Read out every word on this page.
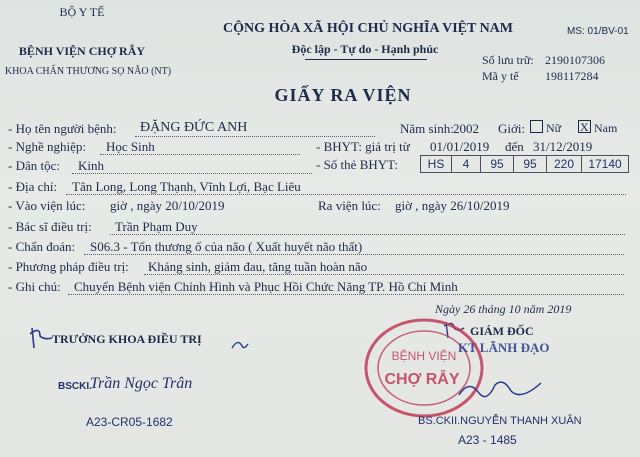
BỘ Y TẾ
BỆNH VIỆN CHỢ RẪY
KHOA CHẤN THƯƠNG SỌ NÃO (NT)
CỘNG HÒA XÃ HỘI CHỦ NGHĨA VIỆT NAM
Độc lập - Tự do - Hạnh phúc
MS: 01/BV-01
Số lưu trữ: 2190107306
Mã y tế 198117284
GIẤY RA VIỆN
- Họ tên người bệnh: ĐẶNG ĐỨC ANH	Năm sinh: 2002 Giới: Nữ X Nam
- Nghề nghiệp: Học Sinh	- BHYT: giá trị từ 01/01/2019 đến 31/12/2019
- Dân tộc: Kinh	- Số thẻ BHYT:	HS	4	95	95	220	17140
- Địa chỉ: Tân Long, Long Thạnh, Vĩnh Lợi, Bạc Liêu
- Vào viện lúc: giờ , ngày 20/10/2019	Ra viện lúc: giờ , ngày 26/10/2019
- Bác sĩ điều trị: Trần Phạm Duy
- Chẩn đoán: S06.3 - Tổn thương ổ của não ( Xuất huyết não thất)
- Phương pháp điều trị: Kháng sinh, giảm đau, tăng tuần hoàn não
- Ghi chú: Chuyển Bệnh viện Chỉnh Hình và Phục Hồi Chức Năng TP. Hồ Chí Minh
Ngày 26 tháng 10 năm 2019
TRƯỞNG KHOA ĐIỀU TRỊ
GIÁM ĐỐC
BSCKI.
Trần Ngọc Trân
A23-CR05-1682
BỆNH VIỆN
CHỢ RẪY
KT LÃNH ĐẠO
BS.CKII.NGUYỄN THANH XUÂN
A23 - 1485
